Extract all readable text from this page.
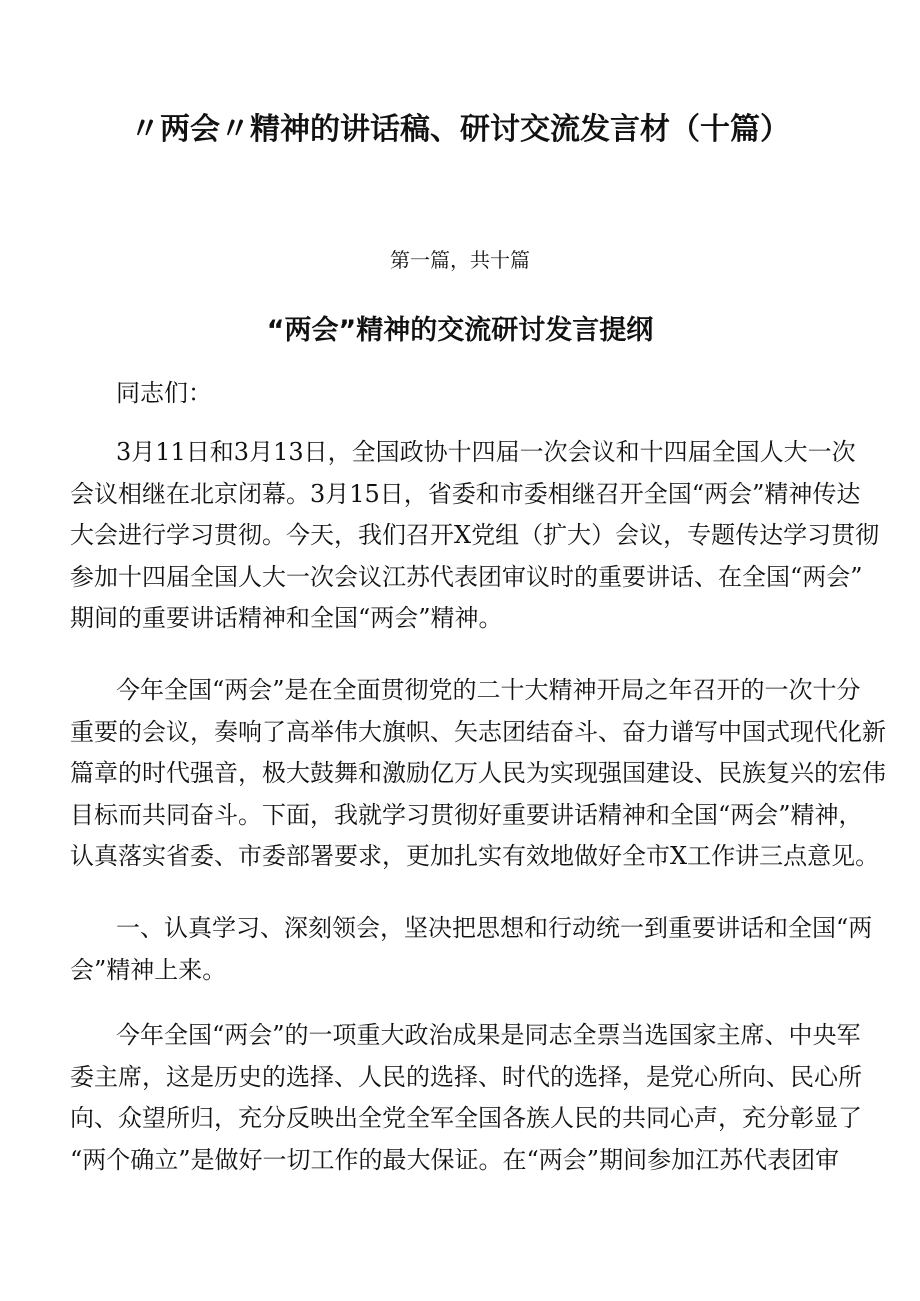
〃两会〃精神的讲话稿、研讨交流发言材（十篇）
第一篇，共十篇
“两会”精神的交流研讨发言提纲
同志们：
3月11日和3月13日，全国政协十四届一次会议和十四届全国人大一次
会议相继在北京闭幕。3月15日，省委和市委相继召开全国“两会”精神传达
大会进行学习贯彻。今天，我们召开X党组（扩大）会议，专题传达学习贯彻
参加十四届全国人大一次会议江苏代表团审议时的重要讲话、在全国“两会”
期间的重要讲话精神和全国“两会”精神。
今年全国“两会”是在全面贯彻党的二十大精神开局之年召开的一次十分
重要的会议，奏响了高举伟大旗帜、矢志团结奋斗、奋力谱写中国式现代化新
篇章的时代强音，极大鼓舞和激励亿万人民为实现强国建设、民族复兴的宏伟
目标而共同奋斗。下面，我就学习贯彻好重要讲话精神和全国“两会”精神，
认真落实省委、市委部署要求，更加扎实有效地做好全市X工作讲三点意见。
一、认真学习、深刻领会，坚决把思想和行动统一到重要讲话和全国“两
会”精神上来。
今年全国“两会”的一项重大政治成果是同志全票当选国家主席、中央军
委主席，这是历史的选择、人民的选择、时代的选择，是党心所向、民心所
向、众望所归，充分反映出全党全军全国各族人民的共同心声，充分彰显了
“两个确立”是做好一切工作的最大保证。在“两会”期间参加江苏代表团审
